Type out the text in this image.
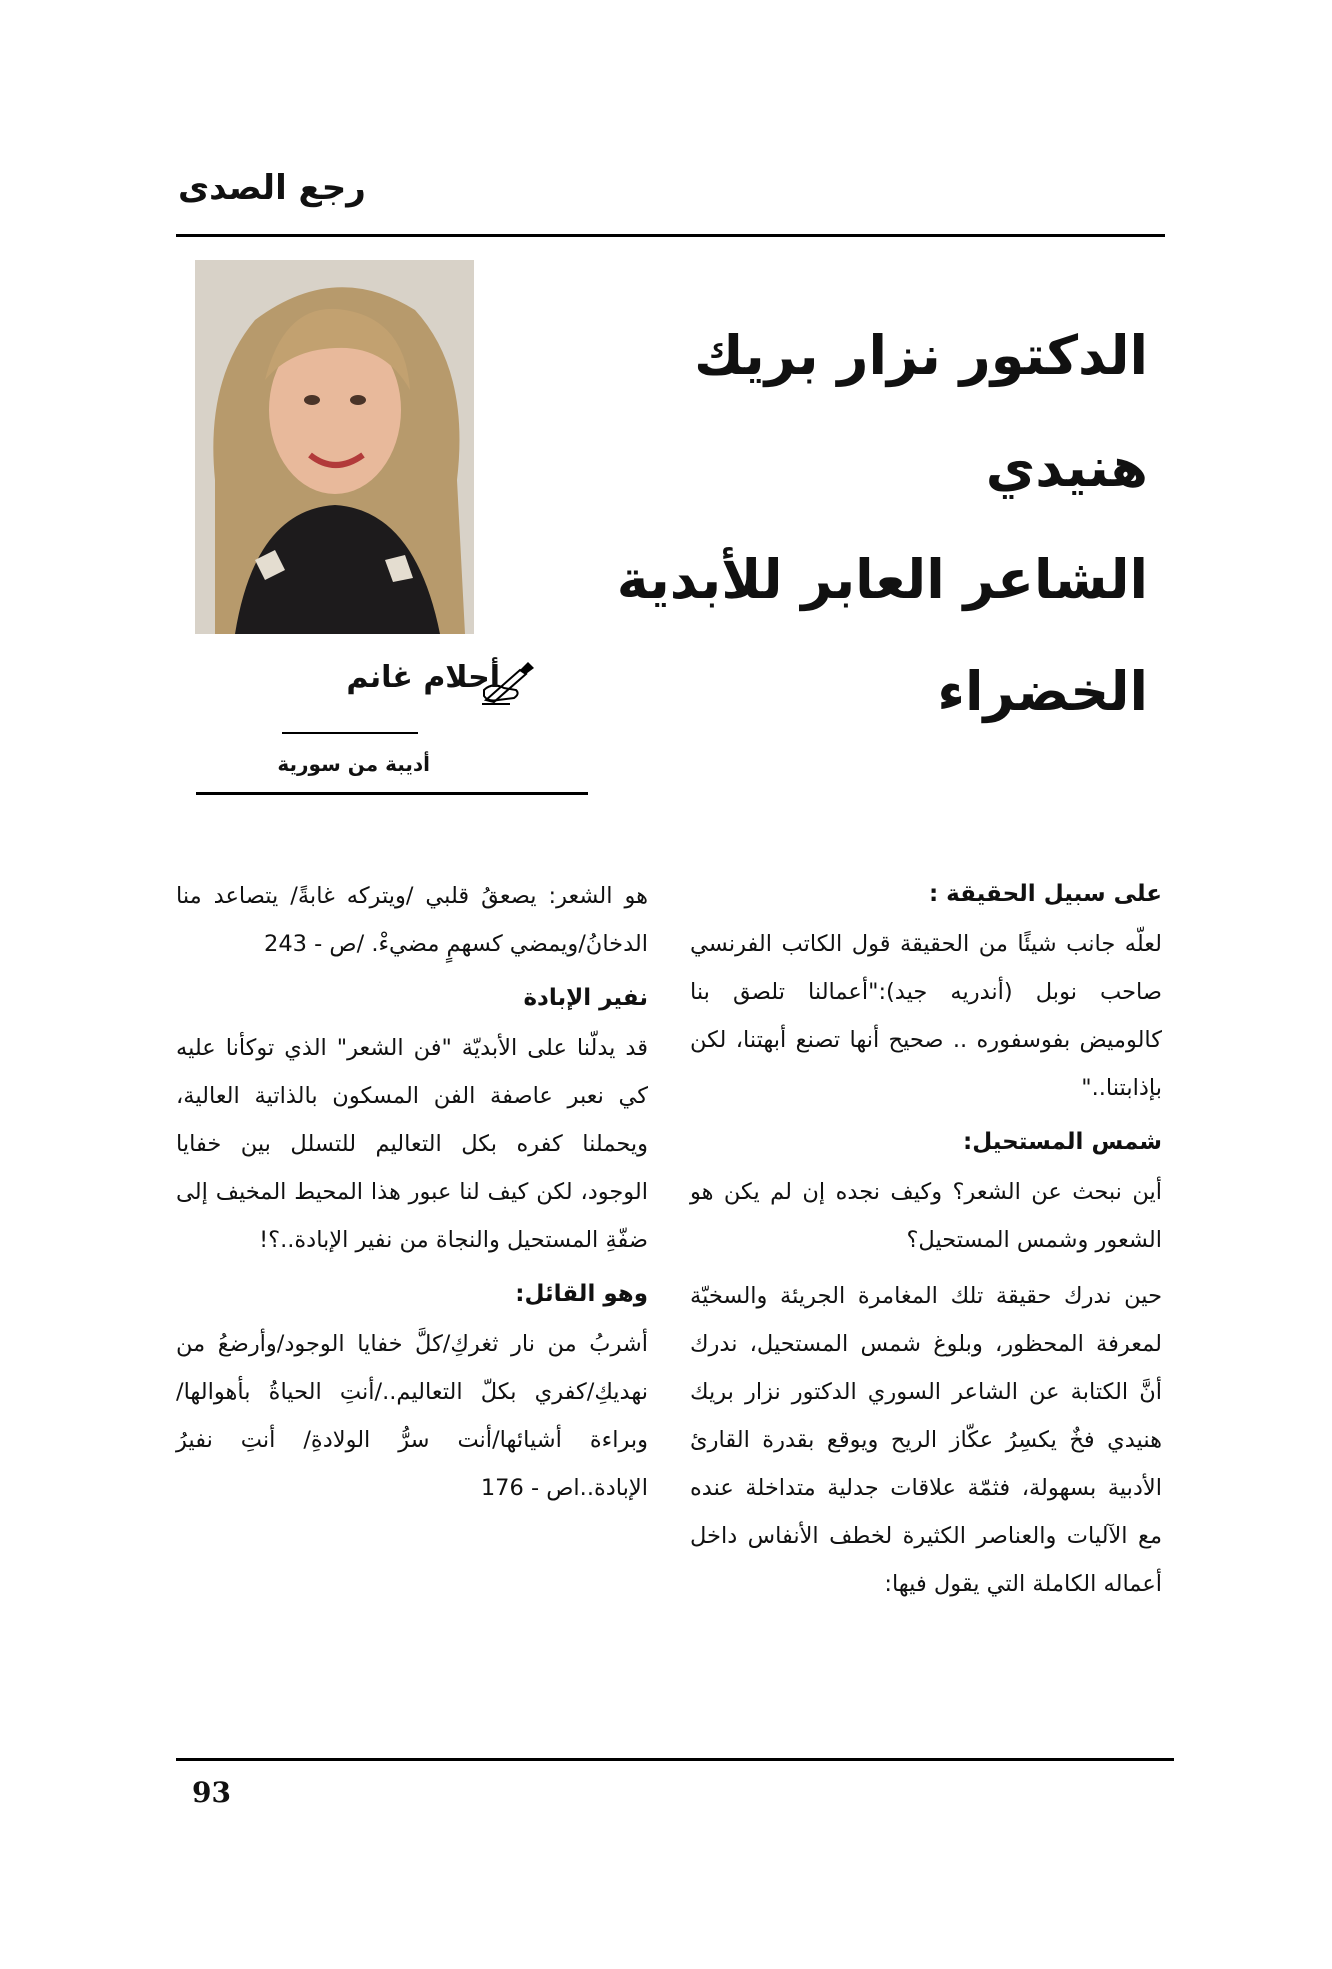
رجع الصدى
الدكتور نزار بريك هنيدي
الشاعر العابر للأبدية
الخضراء
أحلام غانم
أديبة من سورية
على سبيل الحقيقة :

لعلّه جانب شيئًا من الحقيقة قول الكاتب الفرنسي صاحب نوبل (أندريه جيد):"أعمالنا تلصق بنا كالوميض بفوسفوره .. صحيح أنها تصنع أبهتنا، لكن بإذابتنا.."

شمس المستحيل:

أين نبحث عن الشعر؟ وكيف نجده إن لم يكن هو الشعور وشمس المستحيل؟

حين ندرك حقيقة تلك المغامرة الجريئة والسخيّة لمعرفة المحظور، وبلوغ شمس المستحيل، ندرك أنَّ الكتابة عن الشاعر السوري الدكتور نزار بريك هنيدي فخٌ يكسِرُ عكّاز الريح ويوقع بقدرة القارئ الأدبية بسهولة، فثمّة علاقات جدلية متداخلة عنده مع الآليات والعناصر الكثيرة لخطف الأنفاس داخل أعماله الكاملة التي يقول فيها:

هو الشعر: يصعقُ قلبي /ويتركه غابةً/ يتصاعد منا الدخانُ/ويمضي كسهمٍ مضيءْ. /ص - 243

نفير الإبادة

قد يدلّنا على الأبديّة "فن الشعر" الذي توكأنا عليه كي نعبر عاصفة الفن المسكون بالذاتية العالية، ويحملنا كفره بكل التعاليم للتسلل بين خفايا الوجود، لكن كيف لنا عبور هذا المحيط المخيف إلى ضفّةِ المستحيل والنجاة من نفير الإبادة..؟!

وهو القائل:

أشربُ من نار ثغركِ/كلَّ خفايا الوجود/وأرضعُ من نهديكِ/كفري بكلّ التعاليم../أنتِ الحياةُ بأهوالها/وبراءة أشيائها/أنت سرُّ الولادةِ/ أنتِ نفيرُ الإبادة..اص - 176

93
